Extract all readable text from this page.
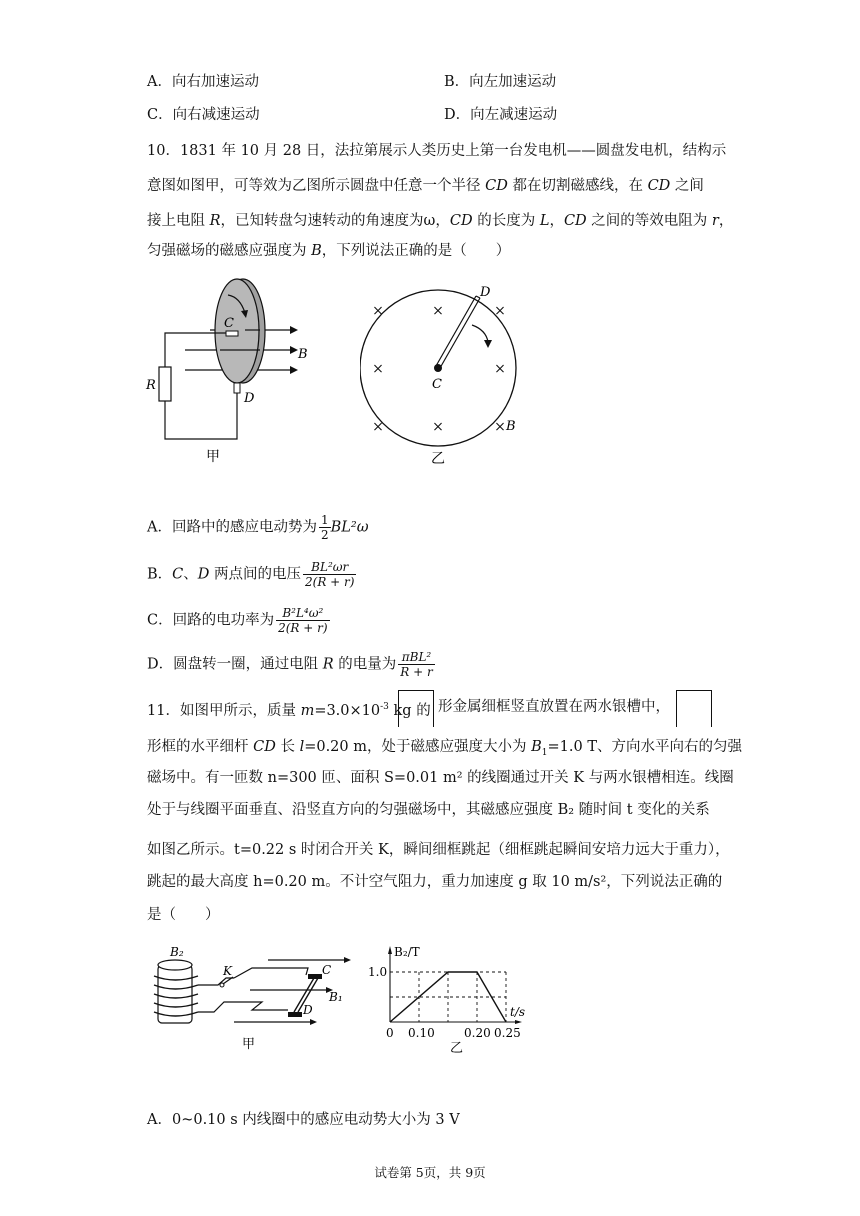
A．向右加速运动	B．向左加速运动
C．向右减速运动	D．向左减速运动
10．1831 年 10 月 28 日，法拉第展示人类历史上第一台发电机——圆盘发电机，结构示
意图如图甲，可等效为乙图所示圆盘中任意一个半径 CD 都在切割磁感线，在 CD 之间
接上电阻 R，已知转盘匀速转动的角速度为ω，CD 的长度为 L，CD 之间的等效电阻为 r，
匀强磁场的磁感应强度为 B，下列说法正确的是（　　）
C
D
B
R
甲
×	×	×
×	×
×	×	×
D
C
B
乙
A．回路中的感应电动势为 $\frac{1}{2} BL^2\omega$
B．C、D 两点间的电压 $\frac{\text{BL²ωr}}{2(R + r)}$
C．回路的电功率为 $\frac{\text{B²L⁴ω²}}{2(R + r)}$
D．圆盘转一圈，通过电阻 R 的电量为 $\frac{\text{πBL²}}{R + r}$
11．如图甲所示，质量 $m=3.0\times 10^{-3}$ kg 的 形金属细框竖直放置在两水银槽中，
形框的水平细杆 CD 长 l=0.20 m，处于磁感应强度大小为 $B_1=1.0$ T、方向水平向右的匀强
磁场中。有一匝数 n=300 匝、面积 S=0.01 m² 的线圈通过开关 K 与两水银槽相连。线圈
处于与线圈平面垂直、沿竖直方向的匀强磁场中，其磁感应强度 B₂ 随时间 t 变化的关系
如图乙所示。t=0.22 s 时闭合开关 K，瞬间细框跳起（细框跳起瞬间安培力远大于重力），
跳起的最大高度 h=0.20 m。不计空气阻力，重力加速度 g 取 10 m/s²，下列说法正确的
是（　　）
B₂
K	C
D
B₁
甲
B₂/T
t/s
1.0
0 0.10 0.20 0.25
乙
A．0~0.10 s 内线圈中的感应电动势大小为 3 V
试卷第 5页，共 9页
